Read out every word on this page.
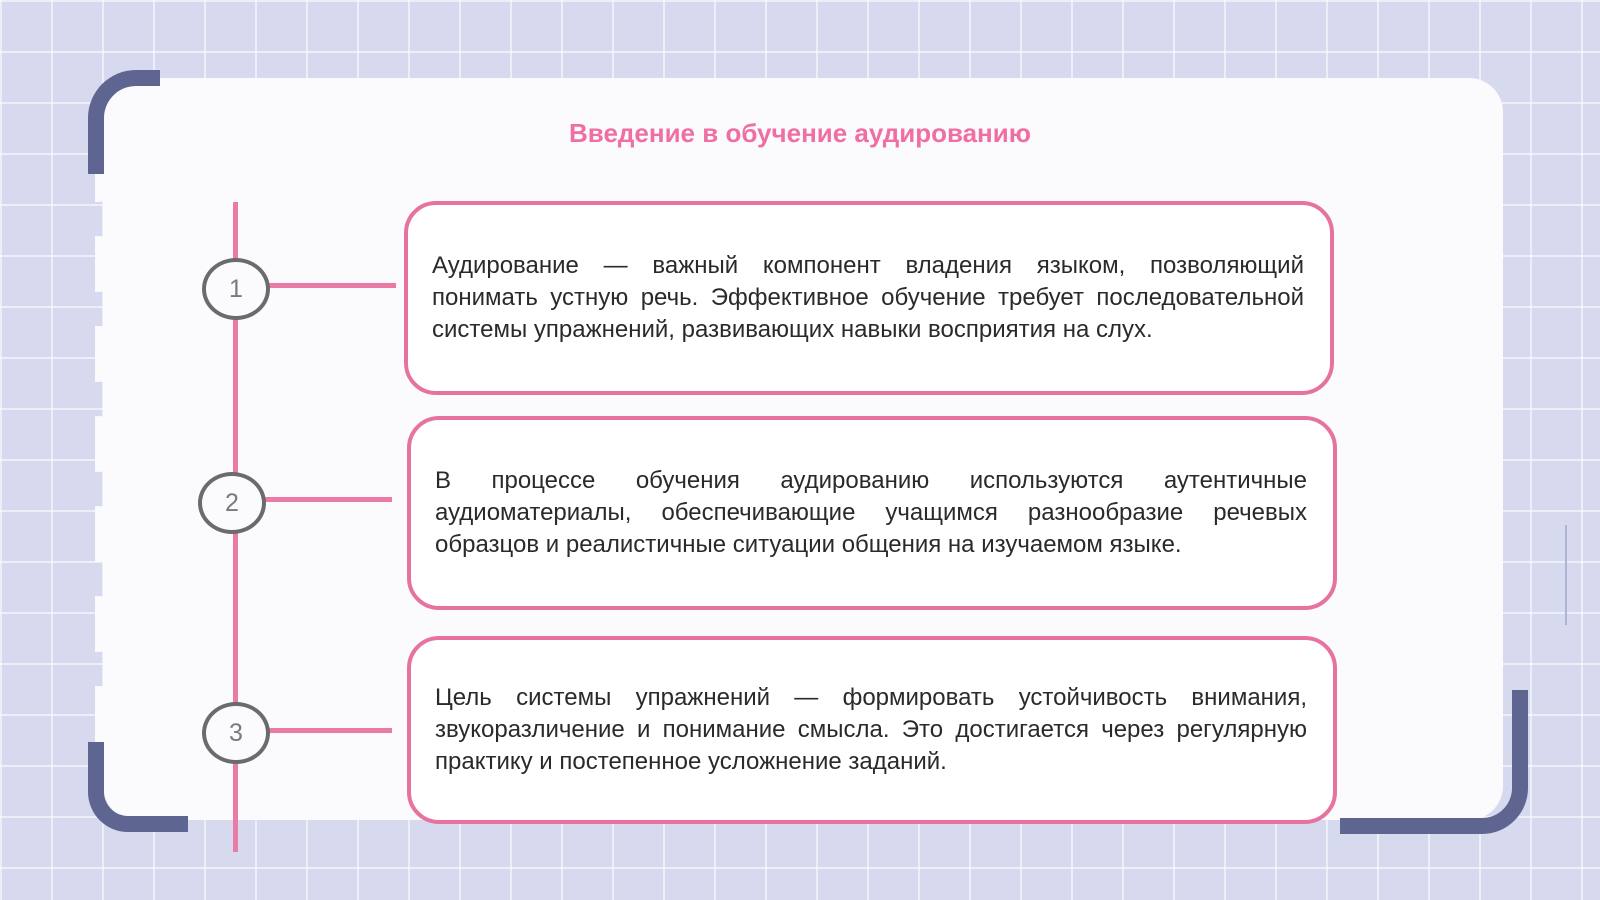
Введение в обучение аудированию
1

Аудирование — важный компонент владения языком, позволяющий понимать устную речь. Эффективное обучение требует последовательной системы упражнений, развивающих навыки восприятия на слух.

2

В процессе обучения аудированию используются аутентичные аудиоматериалы, обеспечивающие учащимся разнообразие речевых образцов и реалистичные ситуации общения на изучаемом языке.

3

Цель системы упражнений — формировать устойчивость внимания, звукоразличение и понимание смысла. Это достигается через регулярную практику и постепенное усложнение заданий.
